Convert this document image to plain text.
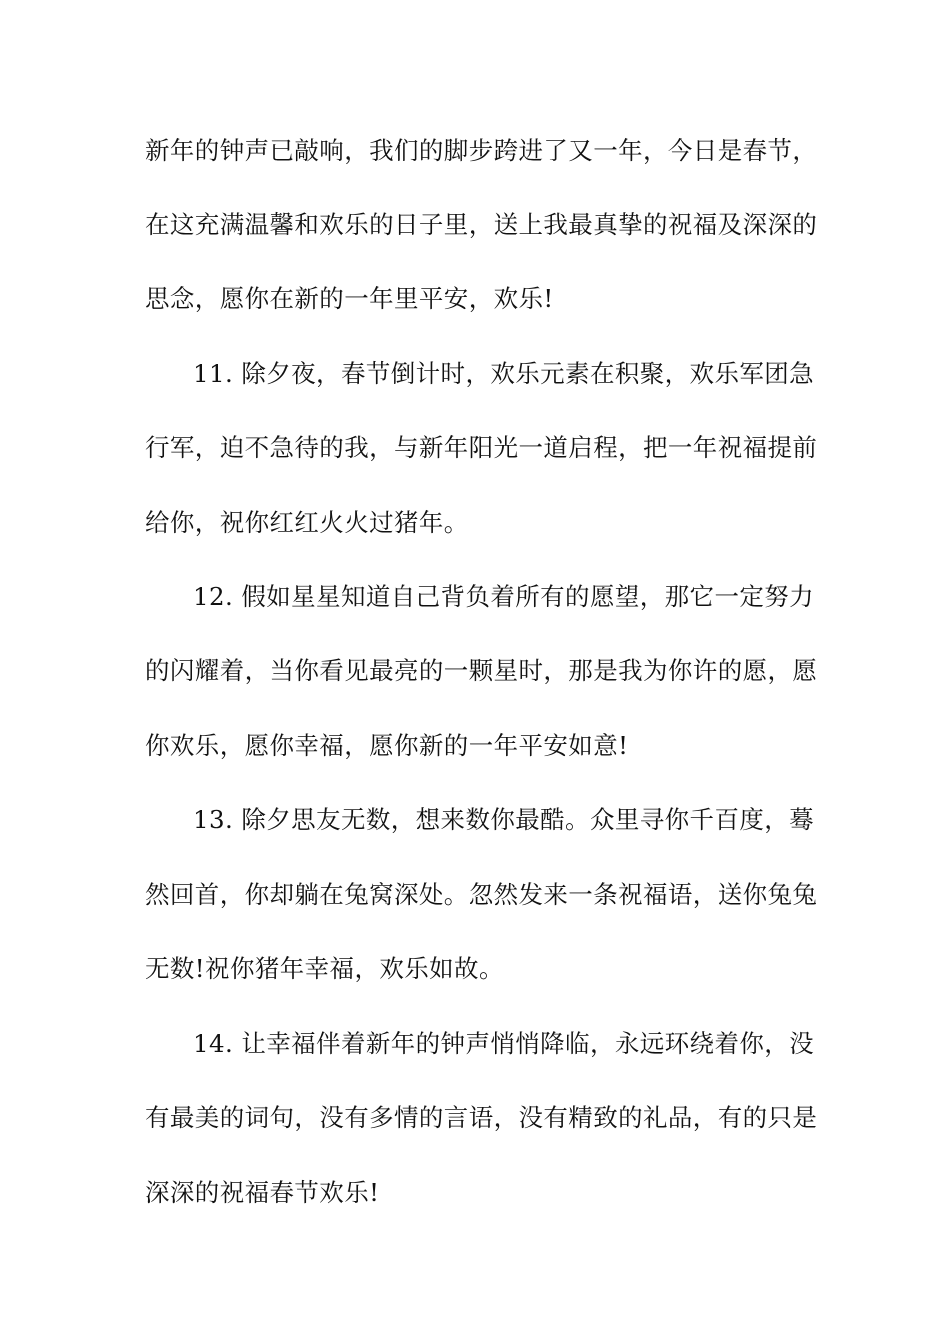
新年的钟声已敲响，我们的脚步跨进了又一年，今日是春节，
在这充满温馨和欢乐的日子里，送上我最真挚的祝福及深深的
思念，愿你在新的一年里平安，欢乐!
11. 除夕夜，春节倒计时，欢乐元素在积聚，欢乐军团急
行军，迫不急待的我，与新年阳光一道启程，把一年祝福提前
给你，祝你红红火火过猪年。
12. 假如星星知道自己背负着所有的愿望，那它一定努力
的闪耀着，当你看见最亮的一颗星时，那是我为你许的愿，愿
你欢乐，愿你幸福，愿你新的一年平安如意!
13. 除夕思友无数，想来数你最酷。众里寻你千百度，蓦
然回首，你却躺在兔窝深处。忽然发来一条祝福语，送你兔兔
无数!祝你猪年幸福，欢乐如故。
14. 让幸福伴着新年的钟声悄悄降临，永远环绕着你，没
有最美的词句，没有多情的言语，没有精致的礼品，有的只是
深深的祝福春节欢乐!
